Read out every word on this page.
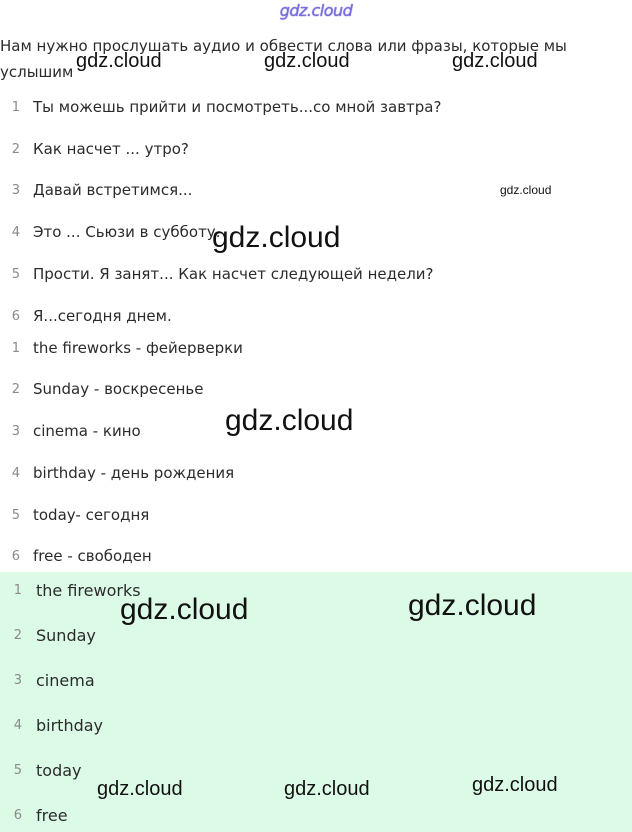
gdz.cloud
Нам нужно прослушать аудио и обвести слова или фразы, которые мы услышим
1 Ты можешь прийти и посмотреть...со мной завтра?
2 Как насчет ... утро?
3 Давай встретимся...
4 Это ... Сьюзи в субботу.
5 Прости. Я занят... Как насчет следующей недели?
6 Я...сегодня днем.
1 the fireworks - фейерверки
2 Sunday - воскресенье
3 cinema - кино
4 birthday - день рождения
5 today- сегодня
6 free - свободен
1 the fireworks
2 Sunday
3 cinema
4 birthday
5 today
6 free
gdz.cloud	gdz.cloud	gdz.cloud
gdz.cloud
gdz.cloud
gdz.cloud
gdz.cloud	gdz.cloud
gdz.cloud	gdz.cloud	gdz.cloud
